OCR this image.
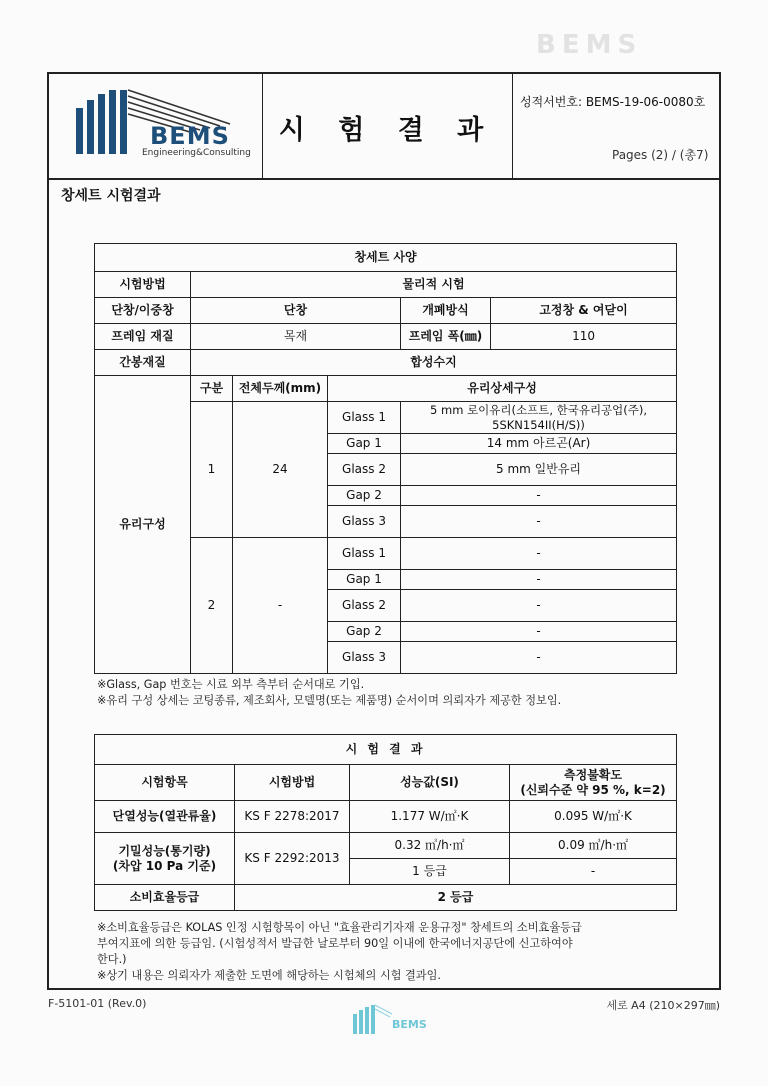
BEMS
BEMS
Engineering&Consulting
시 험 결 과
성적서번호: BEMS-19-06-0080호
Pages (2) / (총7)
창세트 시험결과
창세트 사양					
시험방법	물리적 시험				
단창/이중창	단창			개폐방식	고정창 & 여닫이
프레임 재질	목재			프레임 폭(㎜)	110
간봉재질	합성수지				
유리구성	구분	전체두께(mm)	유리상세구성		
	1	24	Glass 1	5 mm 로이유리(소프트, 한국유리공업(주), 5SKN154II(H/S))	
			Gap 1	14 mm 아르곤(Ar)	
			Glass 2	5 mm 일반유리	
			Gap 2	-	
			Glass 3	-	
	2	-	Glass 1	-	
			Gap 1	-	
			Glass 2	-	
			Gap 2	-	
			Glass 3	-	
※Glass, Gap 번호는 시료 외부 측부터 순서대로 기입.
※유리 구성 상세는 코팅종류, 제조회사, 모델명(또는 제품명) 순서이며 의뢰자가 제공한 정보임.
시 험 결 과			
시험항목	시험방법	성능값(SI)	측정불확도
(신뢰수준 약 95 %, k=2)

단열성능(열관류율)	KS F 2278:2017	1.177 W/㎡·K	0.095 W/㎡·K

기밀성능(통기량)
(차압 10 Pa 기준)	KS F 2292:2013	0.32 ㎥/h·㎡	0.09 ㎥/h·㎡
		1 등급	-
소비효율등급	2 등급		
※소비효율등급은 KOLAS 인정 시험항목이 아닌 "효율관리기자재 운용규정" 창세트의 소비효율등급
부여지표에 의한 등급임. (시험성적서 발급한 날로부터 90일 이내에 한국에너지공단에 신고하여야
한다.)
※상기 내용은 의뢰자가 제출한 도면에 해당하는 시험체의 시험 결과임.
F-5101-01 (Rev.0)	세로 A4 (210×297㎜)
BEMS
